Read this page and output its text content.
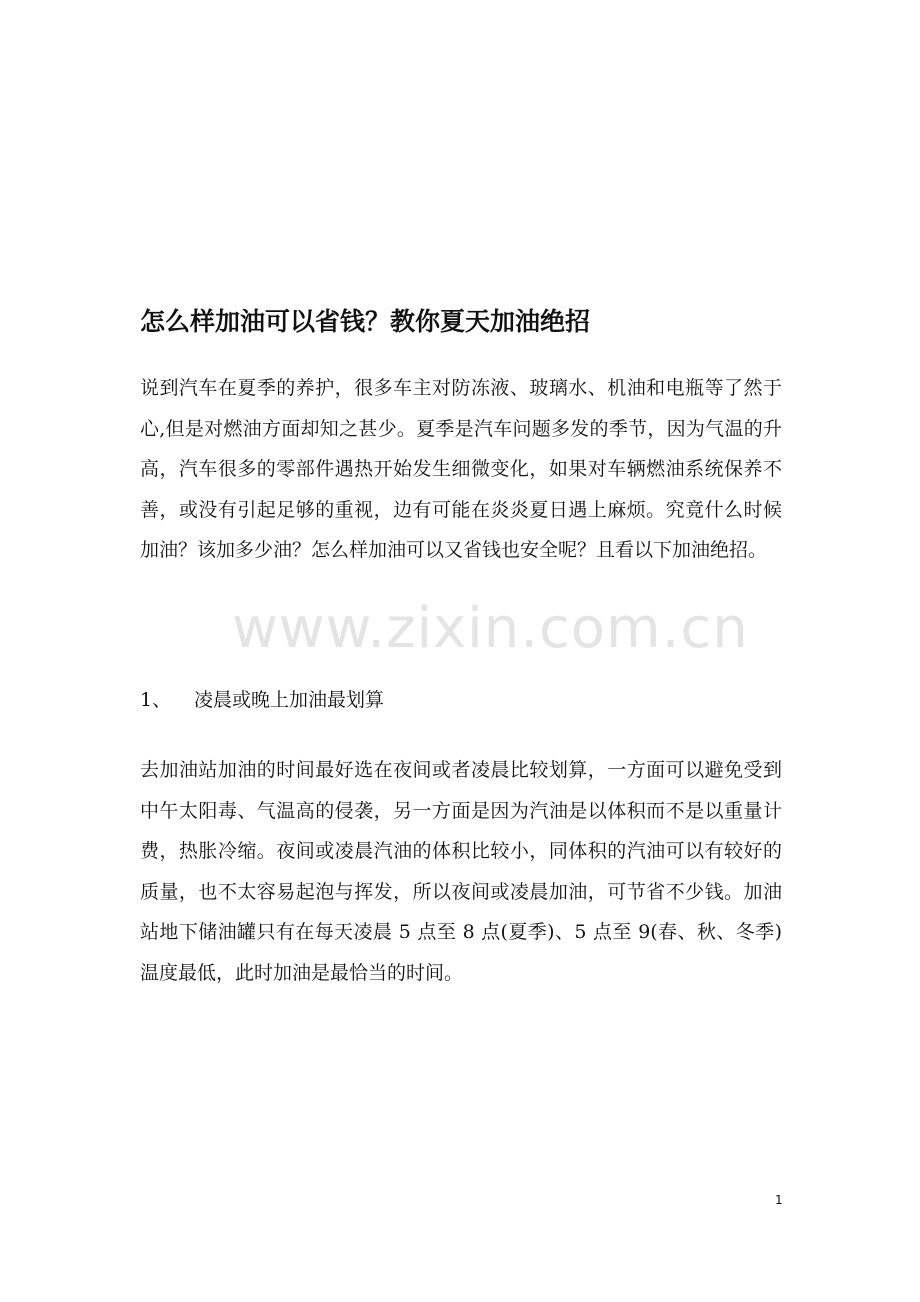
www.zixin.com.cn
怎么样加油可以省钱？教你夏天加油绝招

说到汽车在夏季的养护，很多车主对防冻液、玻璃水、机油和电瓶等了然于心,但是对燃油方面却知之甚少。夏季是汽车问题多发的季节，因为气温的升高，汽车很多的零部件遇热开始发生细微变化，如果对车辆燃油系统保养不善，或没有引起足够的重视，边有可能在炎炎夏日遇上麻烦。究竟什么时候加油？该加多少油？怎么样加油可以又省钱也安全呢？且看以下加油绝招。

1、 凌晨或晚上加油最划算

去加油站加油的时间最好选在夜间或者凌晨比较划算，一方面可以避免受到中午太阳毒、气温高的侵袭，另一方面是因为汽油是以体积而不是以重量计费，热胀冷缩。夜间或凌晨汽油的体积比较小，同体积的汽油可以有较好的质量，也不太容易起泡与挥发，所以夜间或凌晨加油，可节省不少钱。加油站地下储油罐只有在每天凌晨 5 点至 8 点(夏季)、5 点至 9(春、秋、冬季)温度最低，此时加油是最恰当的时间。

1
